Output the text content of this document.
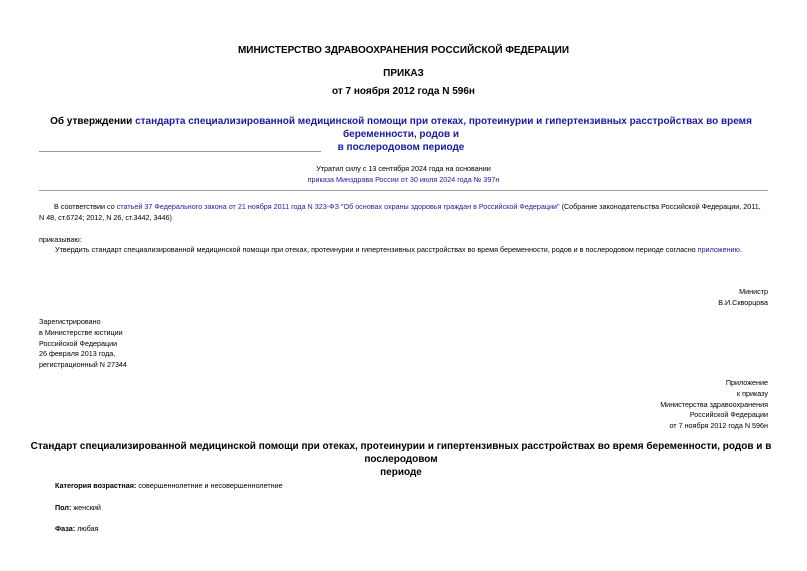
МИНИСТЕРСТВО ЗДРАВООХРАНЕНИЯ РОССИЙСКОЙ ФЕДЕРАЦИИ
ПРИКАЗ
от 7 ноября 2012 года N 596н
Об утверждении стандарта специализированной медицинской помощи при отеках, протеинурии и гипертензивных расстройствах во время беременности, родов и
в послеродовом периоде
Утратил силу с 13 сентября 2024 года на основании
приказа Минздрава России от 30 июля 2024 года № 397н
В соответствии со статьей 37 Федерального закона от 21 ноября 2011 года N 323-ФЗ "Об основах охраны здоровья граждан в Российской Федерации" (Собрание законодательства Российской Федерации, 2011,
N 48, ст.6724; 2012, N 26, ст.3442, 3446)
приказываю:
Утвердить стандарт специализированной медицинской помощи при отеках, протеинурии и гипертензивных расстройствах во время беременности, родов и в послеродовом периоде согласно приложению.
Министр
В.И.Скворцова
Зарегистрировано
в Министерстве юстиции
Российской Федерации
26 февраля 2013 года,
регистрационный N 27344
Приложение
к приказу
Министерства здравоохранения
Российской Федерации
от 7 ноября 2012 года N 596н
Стандарт специализированной медицинской помощи при отеках, протеинурии и гипертензивных расстройствах во время беременности, родов и в послеродовом
периоде
Категория возрастная: совершеннолетние и несовершеннолетние
Пол: женский
Фаза: любая
